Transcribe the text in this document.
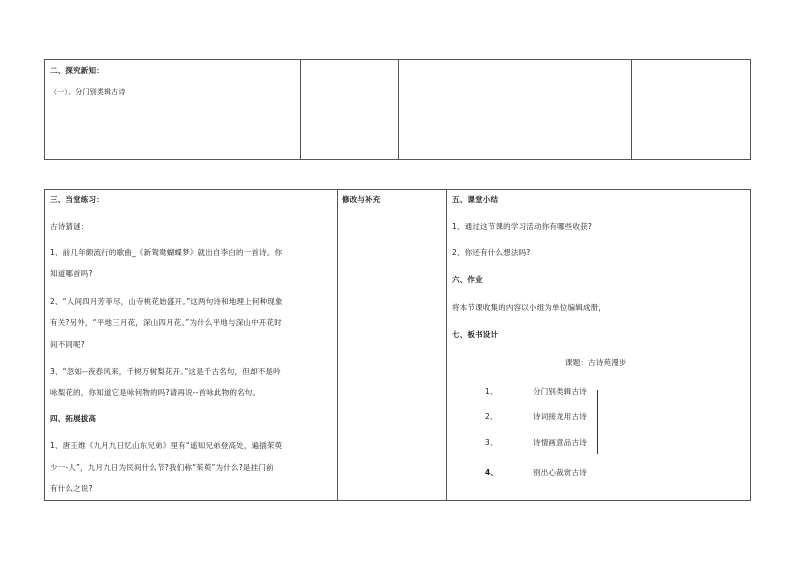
二、探究新知：
（一）、分门别类辑古诗
三、当堂练习：
古诗猜谜：
1、前几年颇流行的歌曲_《新鸳鸯蝴蝶梦》就出自李白的一首诗。你
知道哪首吗?
2、“人间四月芳菲尽，山寺桃花始盛开。”这两句诗和地理上何种现象
有关?另外，“平地三月花，深山四月花。”为什么平地与深山中开花时
间不同呢?
3、“忽如--夜春风来，千树万树梨花开。”这是千古名句，但却不是吟
咏梨花的，你知道它是咏何物的吗?请再说--首咏此物的名句。
四、拓展拔高
1、唐王维《九月九日忆山东兄弟》里有“遥知兄弟登高处，遍插茱萸
少一-人”，九月九日为民间什么节?我们称“茱萸”为什么?是挂门前
有什么之说?
修改与补充	五、课堂小结
1、通过这节课的学习活动你有哪些收获?
2、你还有什么想法吗?
六、作业
将本节课收集的内容以小组为单位编辑成册，
七、板书设计
课题：古诗苑漫步
1、	分门别类辑古诗
2、	诗词接龙用古诗
3、	诗情画意品古诗
4、	别出心裁赏古诗
